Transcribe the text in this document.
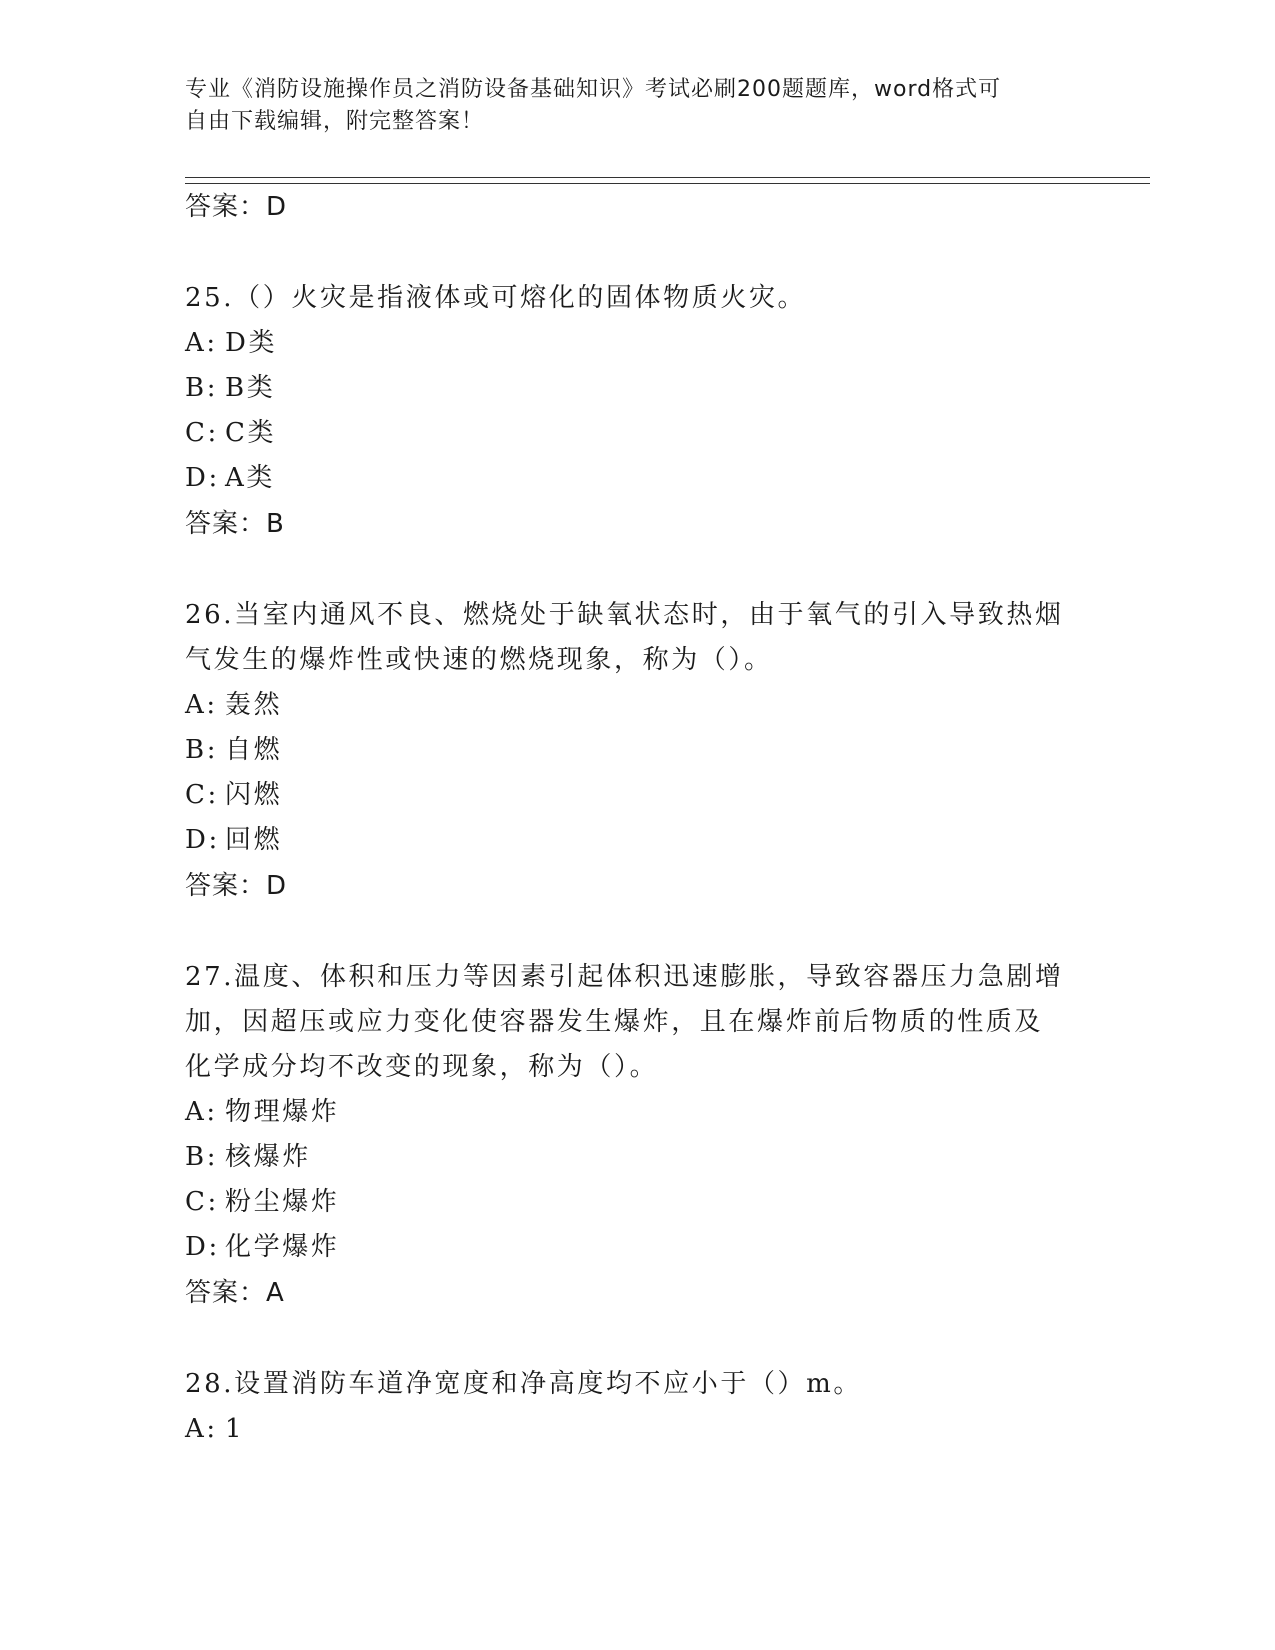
专业《消防设施操作员之消防设备基础知识》考试必刷200题题库，word格式可
自由下载编辑，附完整答案！
答案：D
25.（）火灾是指液体或可熔化的固体物质火灾。
A: D类
B: B类
C: C类
D: A类
答案：B
26.当室内通风不良、燃烧处于缺氧状态时，由于氧气的引入导致热烟气发生的爆炸性或快速的燃烧现象，称为（）。
A: 轰然
B: 自燃
C: 闪燃
D: 回燃
答案：D
27.温度、体积和压力等因素引起体积迅速膨胀，导致容器压力急剧增加，因超压或应力变化使容器发生爆炸，且在爆炸前后物质的性质及化学成分均不改变的现象，称为（）。
A: 物理爆炸
B: 核爆炸
C: 粉尘爆炸
D: 化学爆炸
答案：A
28.设置消防车道净宽度和净高度均不应小于（）m。
A: 1
